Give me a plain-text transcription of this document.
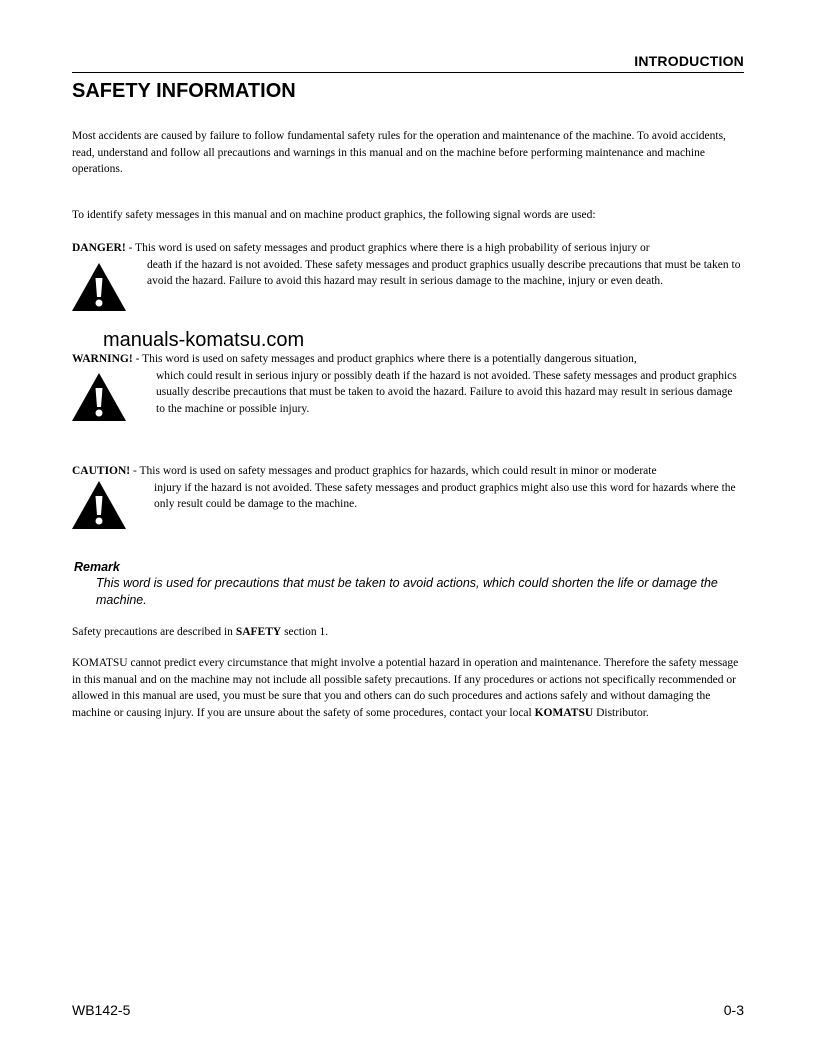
INTRODUCTION
SAFETY INFORMATION
Most accidents are caused by failure to follow fundamental safety rules for the operation and maintenance of the machine. To avoid accidents, read, understand and follow all precautions and warnings in this manual and on the machine before performing maintenance and machine operations.
To identify safety messages in this manual and on machine product graphics, the following signal words are used:
DANGER! - This word is used on safety messages and product graphics where there is a high probability of serious injury or
death if the hazard is not avoided. These safety messages and product graphics usually describe precautions that must be taken to avoid the hazard. Failure to avoid this hazard may result in serious damage to the machine, injury or even death.
manuals-komatsu.com
WARNING! - This word is used on safety messages and product graphics where there is a potentially dangerous situation,
which could result in serious injury or possibly death if the hazard is not avoided. These safety messages and product graphics usually describe precautions that must be taken to avoid the hazard. Failure to avoid this hazard may result in serious damage to the machine or possible injury.
CAUTION! - This word is used on safety messages and product graphics for hazards, which could result in minor or moderate
injury if the hazard is not avoided. These safety messages and product graphics might also use this word for hazards where the only result could be damage to the machine.
Remark
This word is used for precautions that must be taken to avoid actions, which could shorten the life or damage the machine.
Safety precautions are described in SAFETY section 1.
KOMATSU cannot predict every circumstance that might involve a potential hazard in operation and maintenance. Therefore the safety message in this manual and on the machine may not include all possible safety precautions. If any procedures or actions not specifically recommended or allowed in this manual are used, you must be sure that you and others can do such procedures and actions safely and without damaging the machine or causing injury. If you are unsure about the safety of some procedures, contact your local KOMATSU Distributor.
WB142-5	0-3
